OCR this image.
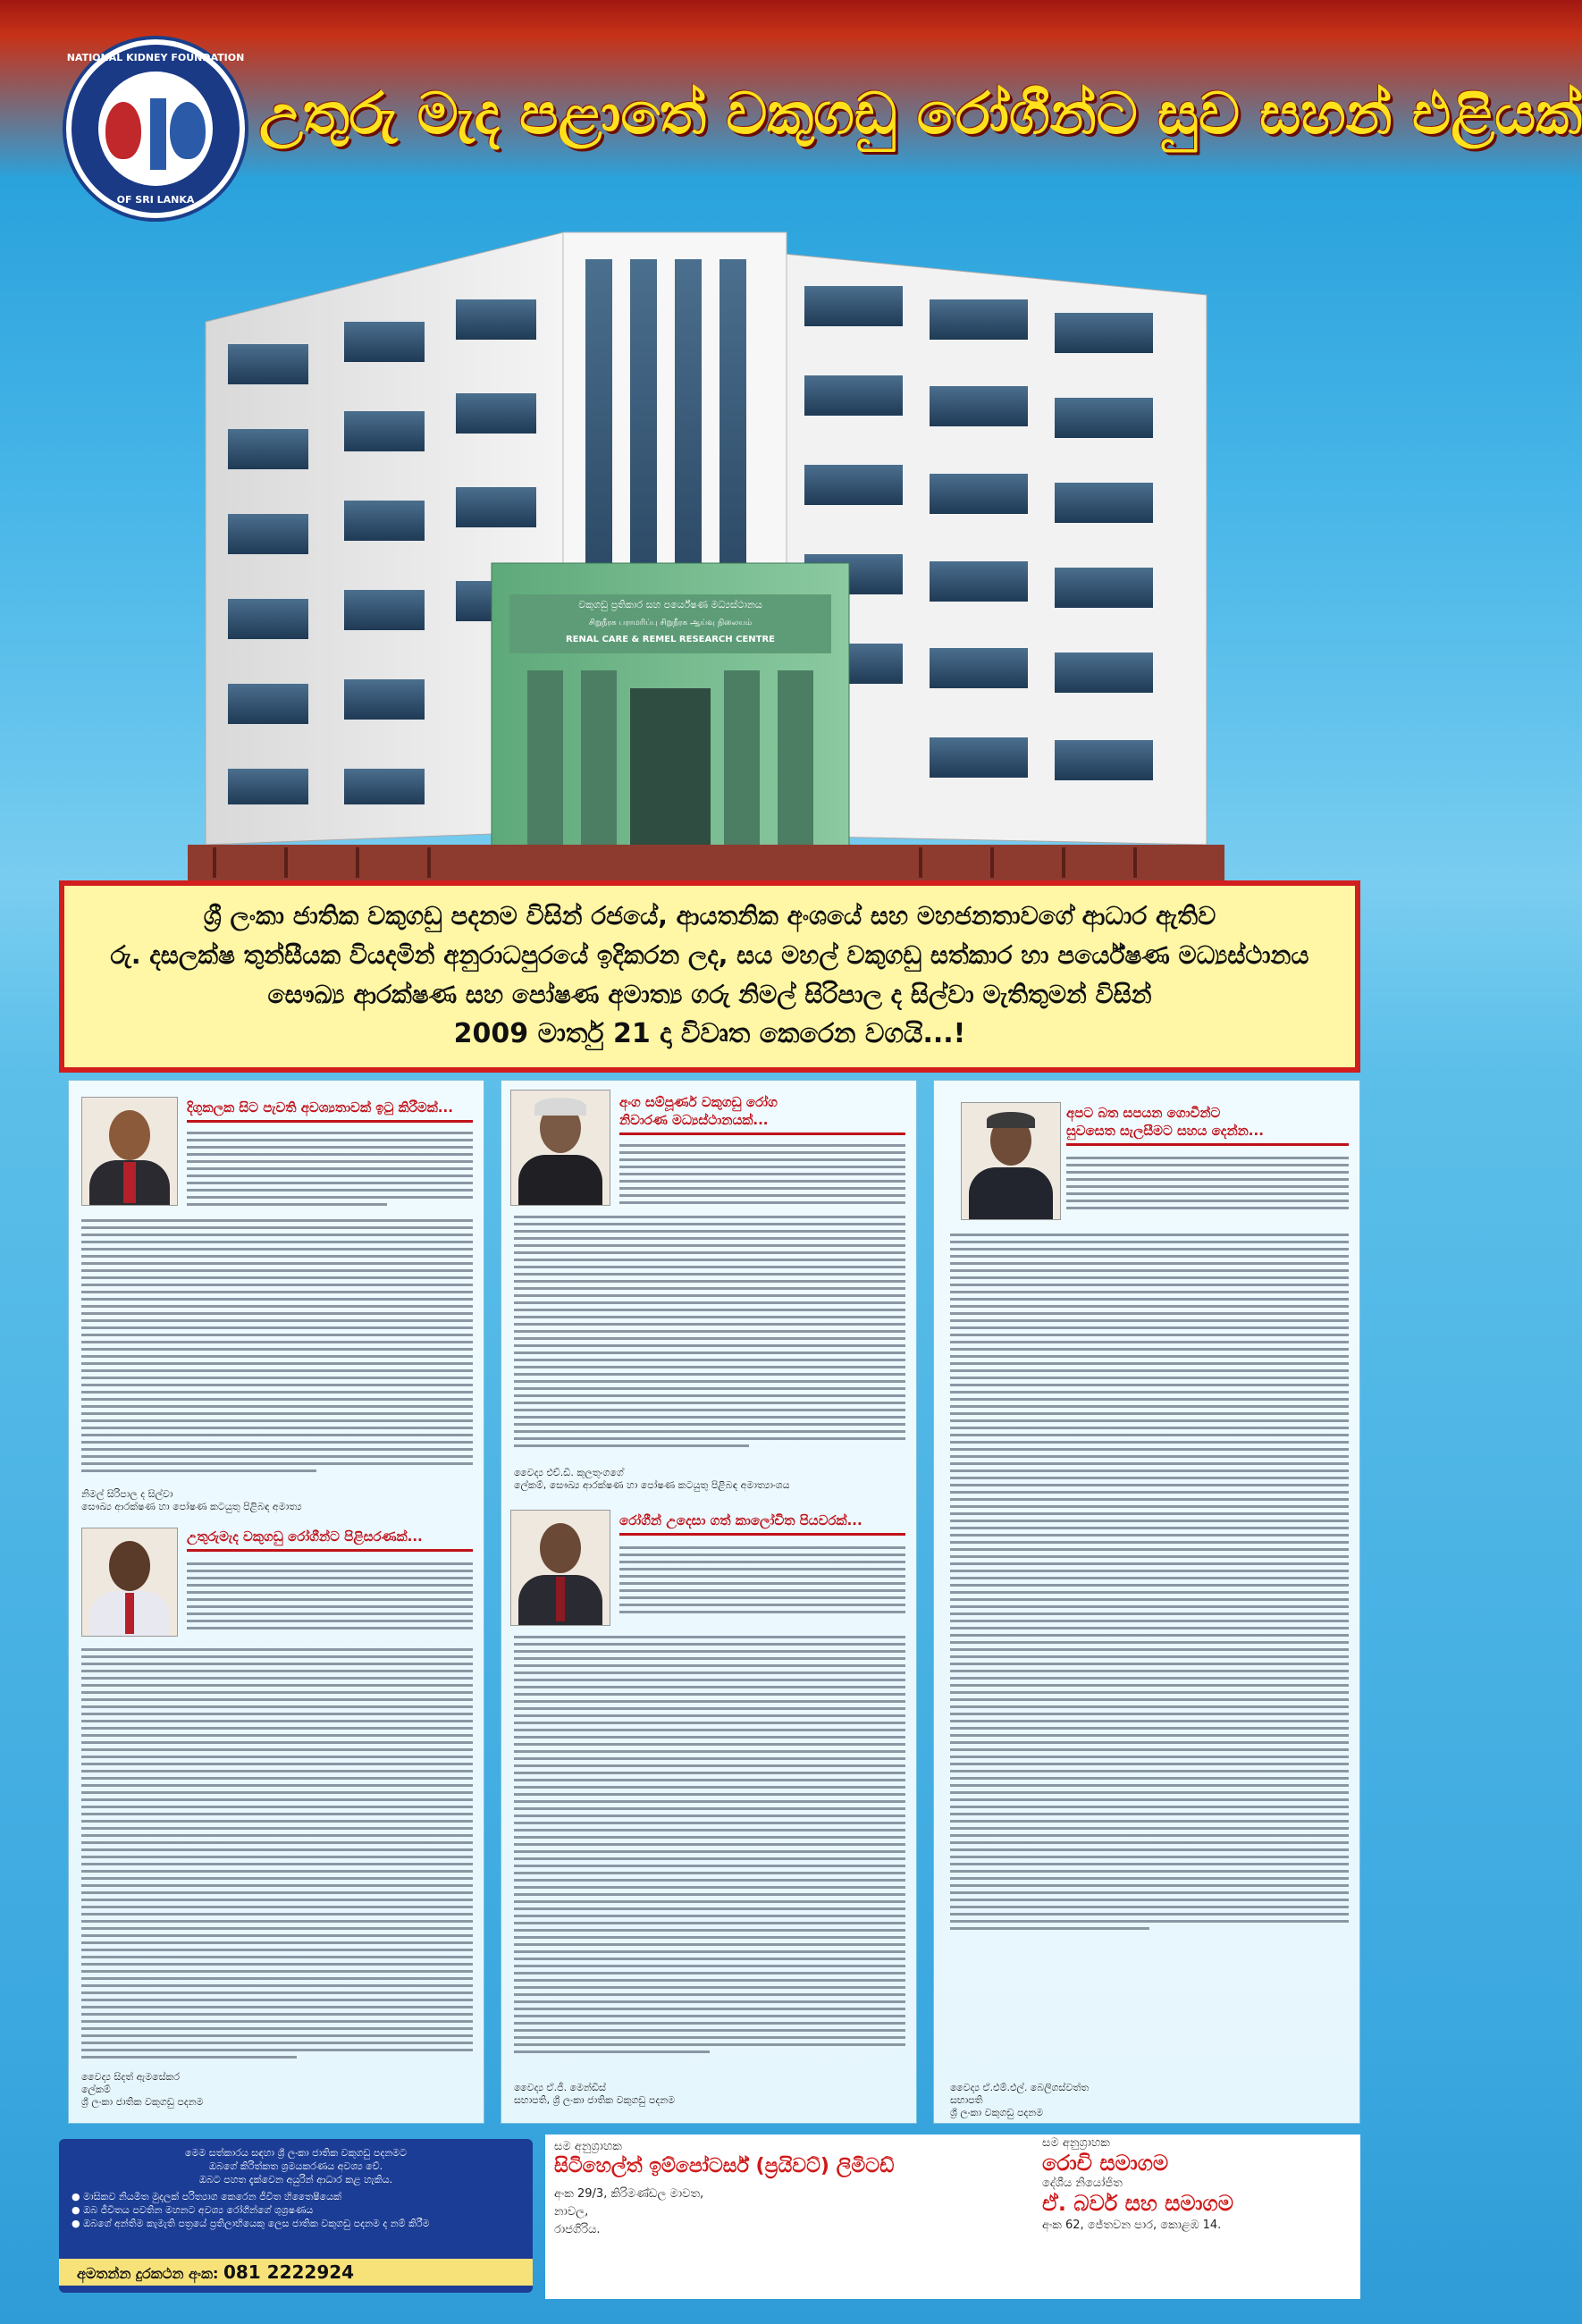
NATIONAL KIDNEY FOUNDATION
OF SRI LANKA
උතුරු මැද පළාතේ වකුගඩු රෝගීන්ට සුව සහන් එළියක්
වකුගඩු ප්‍රතිකාර සහ පර්යේෂණ මධ්‍යස්ථානය
சிறுநீரக பராமரிப்பு சிறுநீரக ஆய்வு நிலையம்
RENAL CARE & REMEL RESEARCH CENTRE

ශ්‍රී ලංකා ජාතික වකුගඩු පදනම විසින් රජයේ, ආයතනික අංශයේ සහ මහජනතාවගේ ආධාර ඇතිව

රු. දසලක්ෂ තුන්සීයක වියදමින් අනුරාධපුරයේ ඉදිකරන ලද, සය මහල් වකුගඩු සත්කාර හා පර්යේෂණ මධ්‍යස්ථානය

සෞඛ්‍ය ආරක්ෂණ සහ පෝෂණ අමාත්‍ය ගරු නිමල් සිරිපාල ද සිල්වා මැතිතුමන් විසින්

2009 මාර්තු 21 දා විවෘත කෙරෙන වගයි...!

දිගුකලක සිට පැවති අවශ්‍යතාවක් ඉටු කිරීමක්...
නිමල් සිරිපාල ද සිල්වා
සෞඛ්‍ය ආරක්ෂණ හා පෝෂණ කටයුතු පිළිබඳ අමාත්‍ය
උතුරුමැද වකුගඩු රෝගීන්ට පිළිසරණක්...
වෛද්‍ය සිදත් ඇමසේකර
ලේකම්
ශ්‍රී ලංකා ජාතික වකුගඩු පදනම
අංග සම්පූර්ණ වකුගඩු රෝග
නිවාරණ මධ්‍යස්ථානයක්...
වෛද්‍ය එච්.ඩී. කුලතුංගගේ
ලේකම්, සෞඛ්‍ය ආරක්ෂණ හා පෝෂණ කටයුතු පිළිබඳ අමාත්‍යාංශය
රෝගීන් උදෙසා ගත් කාලෝචිත පියවරක්...
වෛද්‍ය ඒ.ජී. මෙන්ඩිස්
සභාපති, ශ්‍රී ලංකා ජාතික වකුගඩු පදනම
අපට බත සපයන ගොවීන්ට
සුවසෙත සැලසීමට සහය දෙන්න...
වෛද්‍ය ඒ.එම්.එල්. බෙලිගස්වත්ත
සභාපති
ශ්‍රී ලංකා වකුගඩු පදනම
මෙම සත්කාරය සඳහා ශ්‍රී ලංකා ජාතික වකුගඩු පදනමට
ඔබගේ කිරිත්කත ශ්‍රමයකරණය අවශ්‍ය වේ.
ඔබට පහත දැක්වෙන අයුරින් ආධාර කළ හැකිය.
● මාසිකව නියමිත මුදලක් පරිත්‍යාග කෙරෙන ජීවිත හිතෛෂීයෙක්
● ඔබ ජීවිතය පවතින මහනට අවශ්‍ය රෝගීන්ගේ ශුශ්‍රෂණය
● ඔබගේ අන්තිම කැමැති පත්‍රයේ ප්‍රතිලාභියෙකු ලෙස ජාතික වකුගඩු පදනම ද නම් කිරීම
අමතන්න දුරකථන අංක: 081 2222924
සම අනුග්‍රාහක
සිටිහෙල්ත් ඉම්පෝටර්ස් (ප්‍රයිවට්) ලිමිටඩ්
අංක 29/3, කිරිමණ්ඩල මාවත,
නාවල,
රාජගිරිය.
සම අනුග්‍රාහක
රොචි සමාගම
දේශීය නියෝජිත
ඒ. බවර් සහ සමාගම
අංක 62, ජේතවන පාර, කොළඹ 14.
